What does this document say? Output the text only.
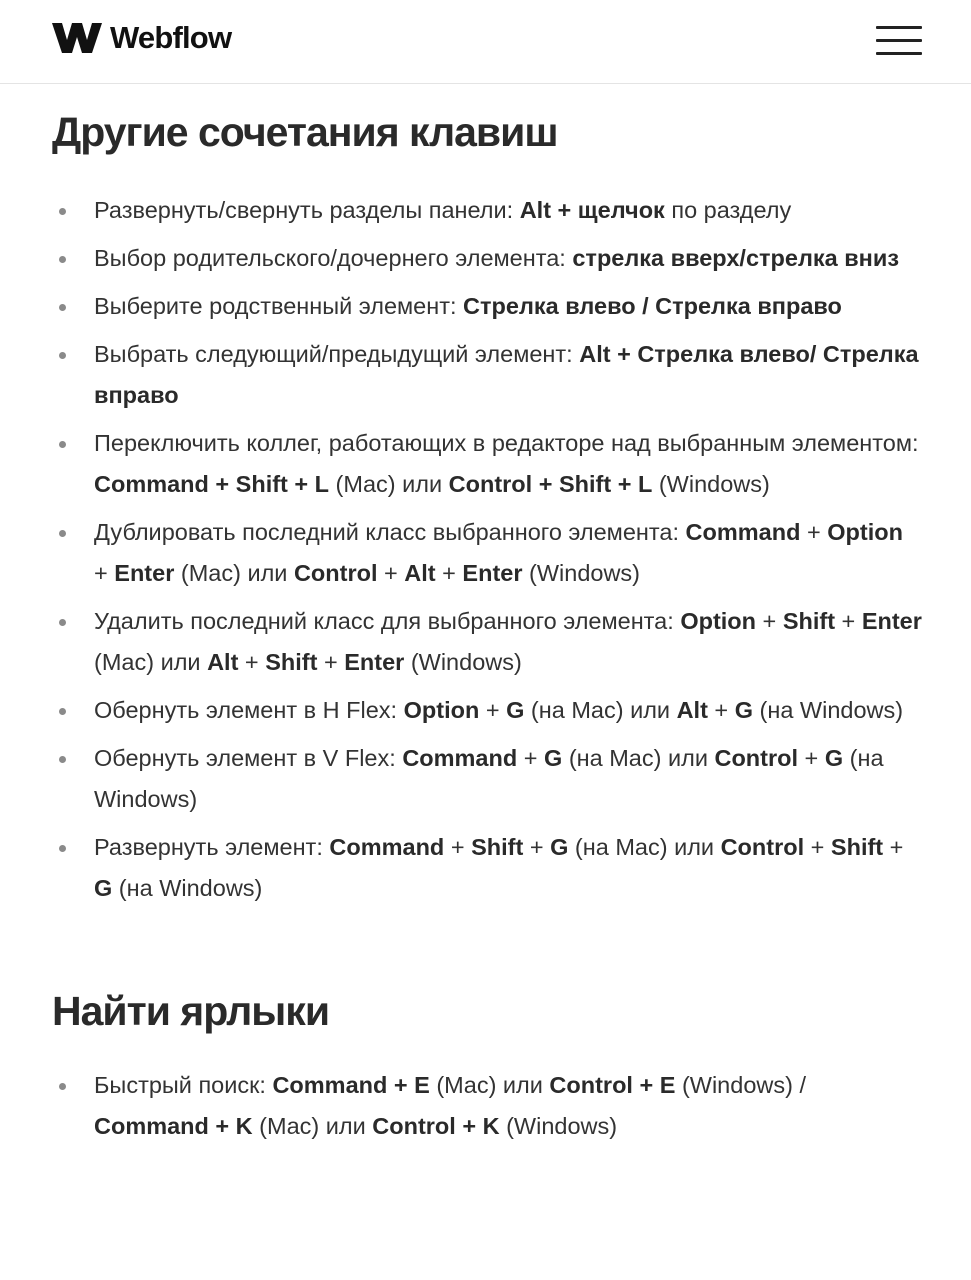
Webflow
Другие сочетания клавиш
Развернуть/свернуть разделы панели: Alt + щелчок по разделу
Выбор родительского/дочернего элемента: стрелка вверх/стрелка вниз
Выберите родственный элемент: Стрелка влево / Стрелка вправо
Выбрать следующий/предыдущий элемент: Alt + Стрелка влево/ Стрелка вправо
Переключить коллег, работающих в редакторе над выбранным элементом: Command + Shift + L (Mac) или Control + Shift + L (Windows)
Дублировать последний класс выбранного элемента: Command + Option + Enter (Mac) или Control + Alt + Enter (Windows)
Удалить последний класс для выбранного элемента: Option + Shift + Enter (Mac) или Alt + Shift + Enter (Windows)
Обернуть элемент в H Flex: Option + G (на Mac) или Alt + G (на Windows)
Обернуть элемент в V Flex: Command + G (на Mac) или Control + G (на Windows)
Развернуть элемент: Command + Shift + G (на Mac) или Control + Shift + G (на Windows)
Найти ярлыки
Быстрый поиск: Command + E (Mac) или Control + E (Windows) / Command + K (Mac) или Control + K (Windows)
